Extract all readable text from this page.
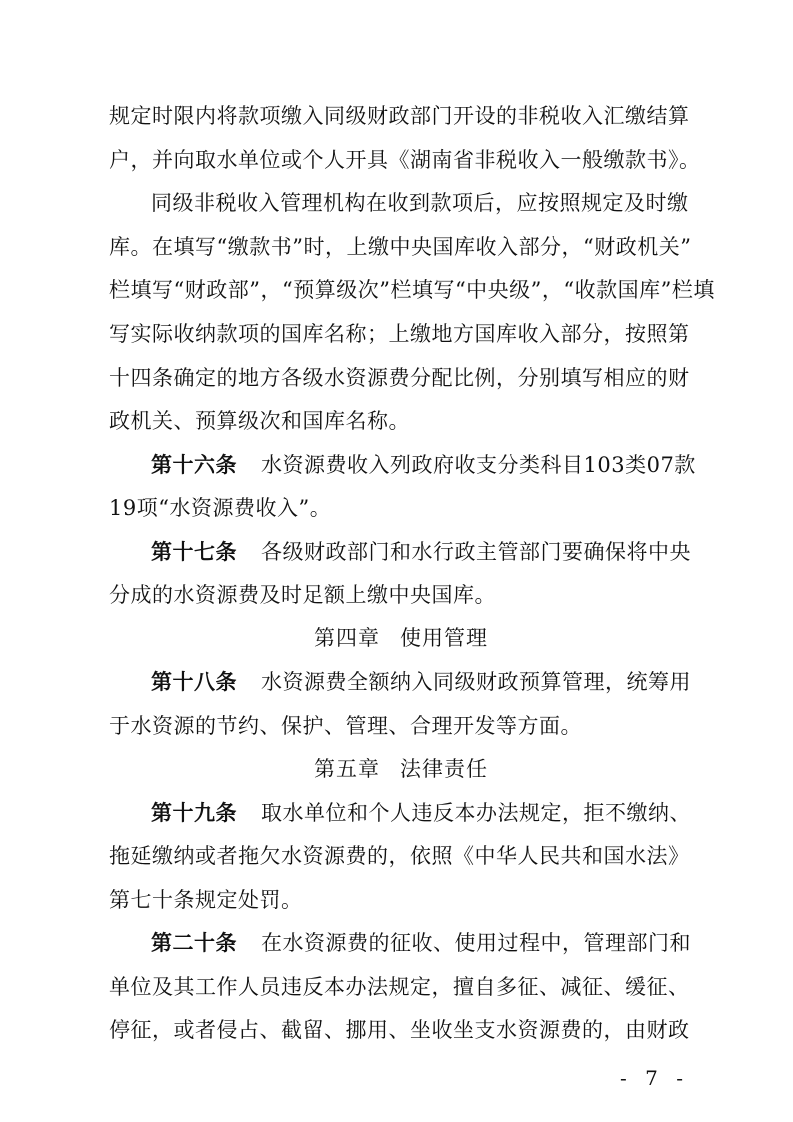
规定时限内将款项缴入同级财政部门开设的非税收入汇缴结算
户，并向取水单位或个人开具《湖南省非税收入一般缴款书》。
同级非税收入管理机构在收到款项后，应按照规定及时缴
库。在填写“缴款书”时，上缴中央国库收入部分，“财政机关”
栏填写“财政部”，“预算级次”栏填写“中央级”，“收款国库”栏填
写实际收纳款项的国库名称；上缴地方国库收入部分，按照第
十四条确定的地方各级水资源费分配比例，分别填写相应的财
政机关、预算级次和国库名称。
第十六条 水资源费收入列政府收支分类科目103类07款
19项“水资源费收入”。
第十七条 各级财政部门和水行政主管部门要确保将中央
分成的水资源费及时足额上缴中央国库。
第四章 使用管理
第十八条 水资源费全额纳入同级财政预算管理，统筹用
于水资源的节约、保护、管理、合理开发等方面。
第五章 法律责任
第十九条 取水单位和个人违反本办法规定，拒不缴纳、
拖延缴纳或者拖欠水资源费的，依照《中华人民共和国水法》
第七十条规定处罚。
第二十条 在水资源费的征收、使用过程中，管理部门和
单位及其工作人员违反本办法规定，擅自多征、减征、缓征、
停征，或者侵占、截留、挪用、坐收坐支水资源费的，由财政
- 7 -
